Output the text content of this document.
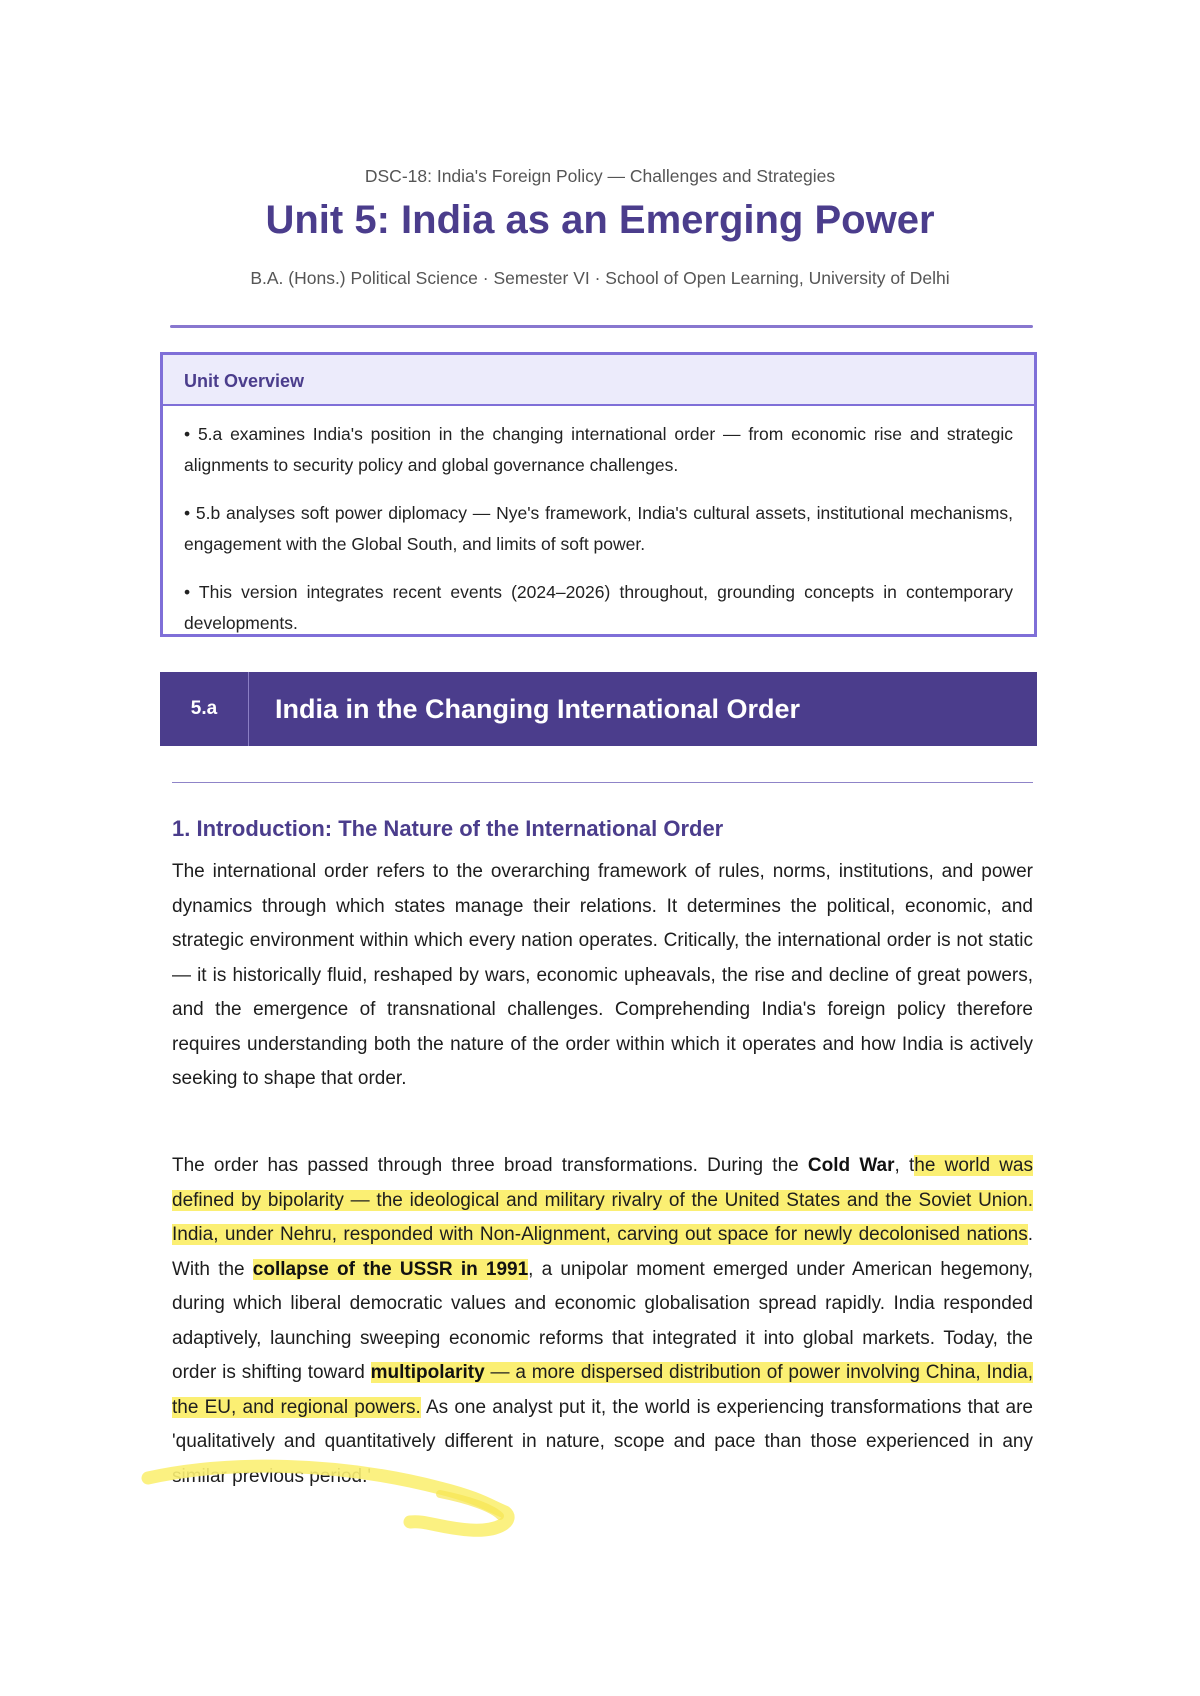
DSC-18: India's Foreign Policy — Challenges and Strategies
Unit 5: India as an Emerging Power
B.A. (Hons.) Political Science · Semester VI · School of Open Learning, University of Delhi
Unit Overview
• 5.a examines India's position in the changing international order — from economic rise and strategic alignments to security policy and global governance challenges.
• 5.b analyses soft power diplomacy — Nye's framework, India's cultural assets, institutional mechanisms, engagement with the Global South, and limits of soft power.
• This version integrates recent events (2024–2026) throughout, grounding concepts in contemporary developments.
5.a	India in the Changing International Order
1. Introduction: The Nature of the International Order
The international order refers to the overarching framework of rules, norms, institutions, and power dynamics through which states manage their relations. It determines the political, economic, and strategic environment within which every nation operates. Critically, the international order is not static — it is historically fluid, reshaped by wars, economic upheavals, the rise and decline of great powers, and the emergence of transnational challenges. Comprehending India's foreign policy therefore requires understanding both the nature of the order within which it operates and how India is actively seeking to shape that order.
The order has passed through three broad transformations. During the Cold War, the world was defined by bipolarity — the ideological and military rivalry of the United States and the Soviet Union. India, under Nehru, responded with Non-Alignment, carving out space for newly decolonised nations. With the collapse of the USSR in 1991, a unipolar moment emerged under American hegemony, during which liberal democratic values and economic globalisation spread rapidly. India responded adaptively, launching sweeping economic reforms that integrated it into global markets. Today, the order is shifting toward multipolarity — a more dispersed distribution of power involving China, India, the EU, and regional powers. As one analyst put it, the world is experiencing transformations that are 'qualitatively and quantitatively different in nature, scope and pace than those experienced in any similar previous period.'
